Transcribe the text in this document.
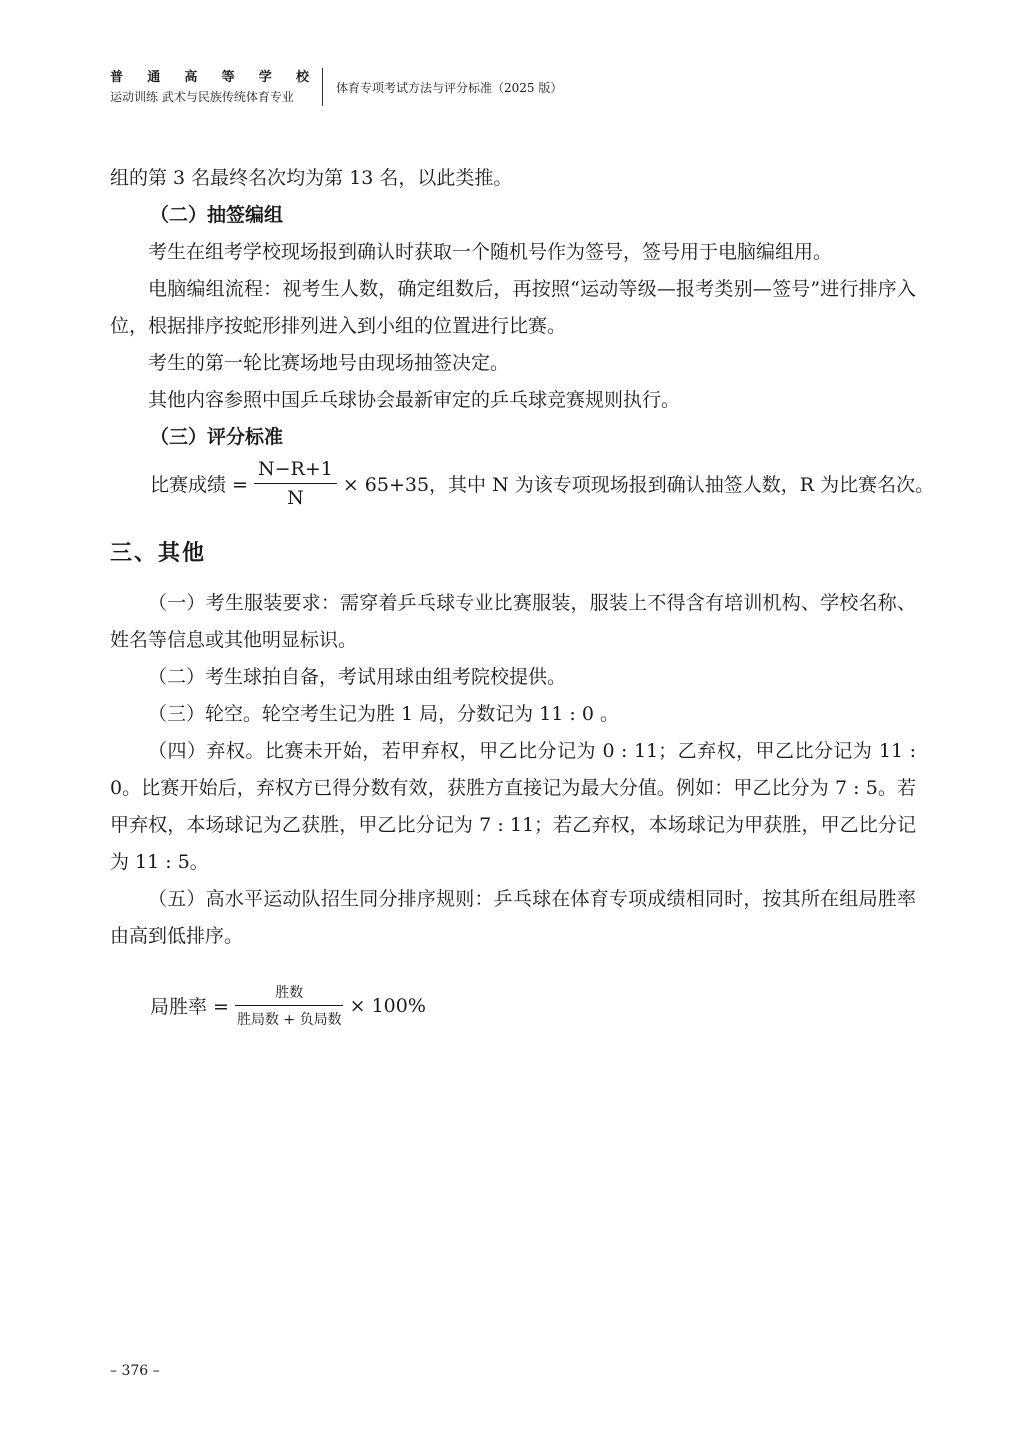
普 通 高 等 学 校
运动训练 武术与民族传统体育专业
体育专项考试方法与评分标准（2025 版）

组的第 3 名最终名次均为第 13 名，以此类推。

（二）抽签编组

考生在组考学校现场报到确认时获取一个随机号作为签号，签号用于电脑编组用。

电脑编组流程：视考生人数，确定组数后，再按照“运动等级—报考类别—签号”进行排序入位，根据排序按蛇形排列进入到小组的位置进行比赛。

考生的第一轮比赛场地号由现场抽签决定。

其他内容参照中国乒乓球协会最新审定的乒乓球竞赛规则执行。

（三）评分标准
比赛成绩 = $\frac{N-R+1}{N} \times 65+35$，其中 N 为该专项现场报到确认抽签人数，R 为比赛名次。
三、其他

（一）考生服装要求：需穿着乒乓球专业比赛服装，服装上不得含有培训机构、学校名称、姓名等信息或其他明显标识。

（二）考生球拍自备，考试用球由组考院校提供。

（三）轮空。轮空考生记为胜 1 局，分数记为 11 : 0 。

（四）弃权。比赛未开始，若甲弃权，甲乙比分记为 0 : 11；乙弃权，甲乙比分记为 11 : 0。比赛开始后，弃权方已得分数有效，获胜方直接记为最大分值。例如：甲乙比分为 7 : 5。若甲弃权，本场球记为乙获胜，甲乙比分记为 7 : 11；若乙弃权，本场球记为甲获胜，甲乙比分记为 11 : 5。

（五）高水平运动队招生同分排序规则：乒乓球在体育专项成绩相同时，按其所在组局胜率由高到低排序。

局胜率 = $\frac{\text{胜数}}{\text{胜局数 + 负局数}} \times 100\%$
– 376 –
